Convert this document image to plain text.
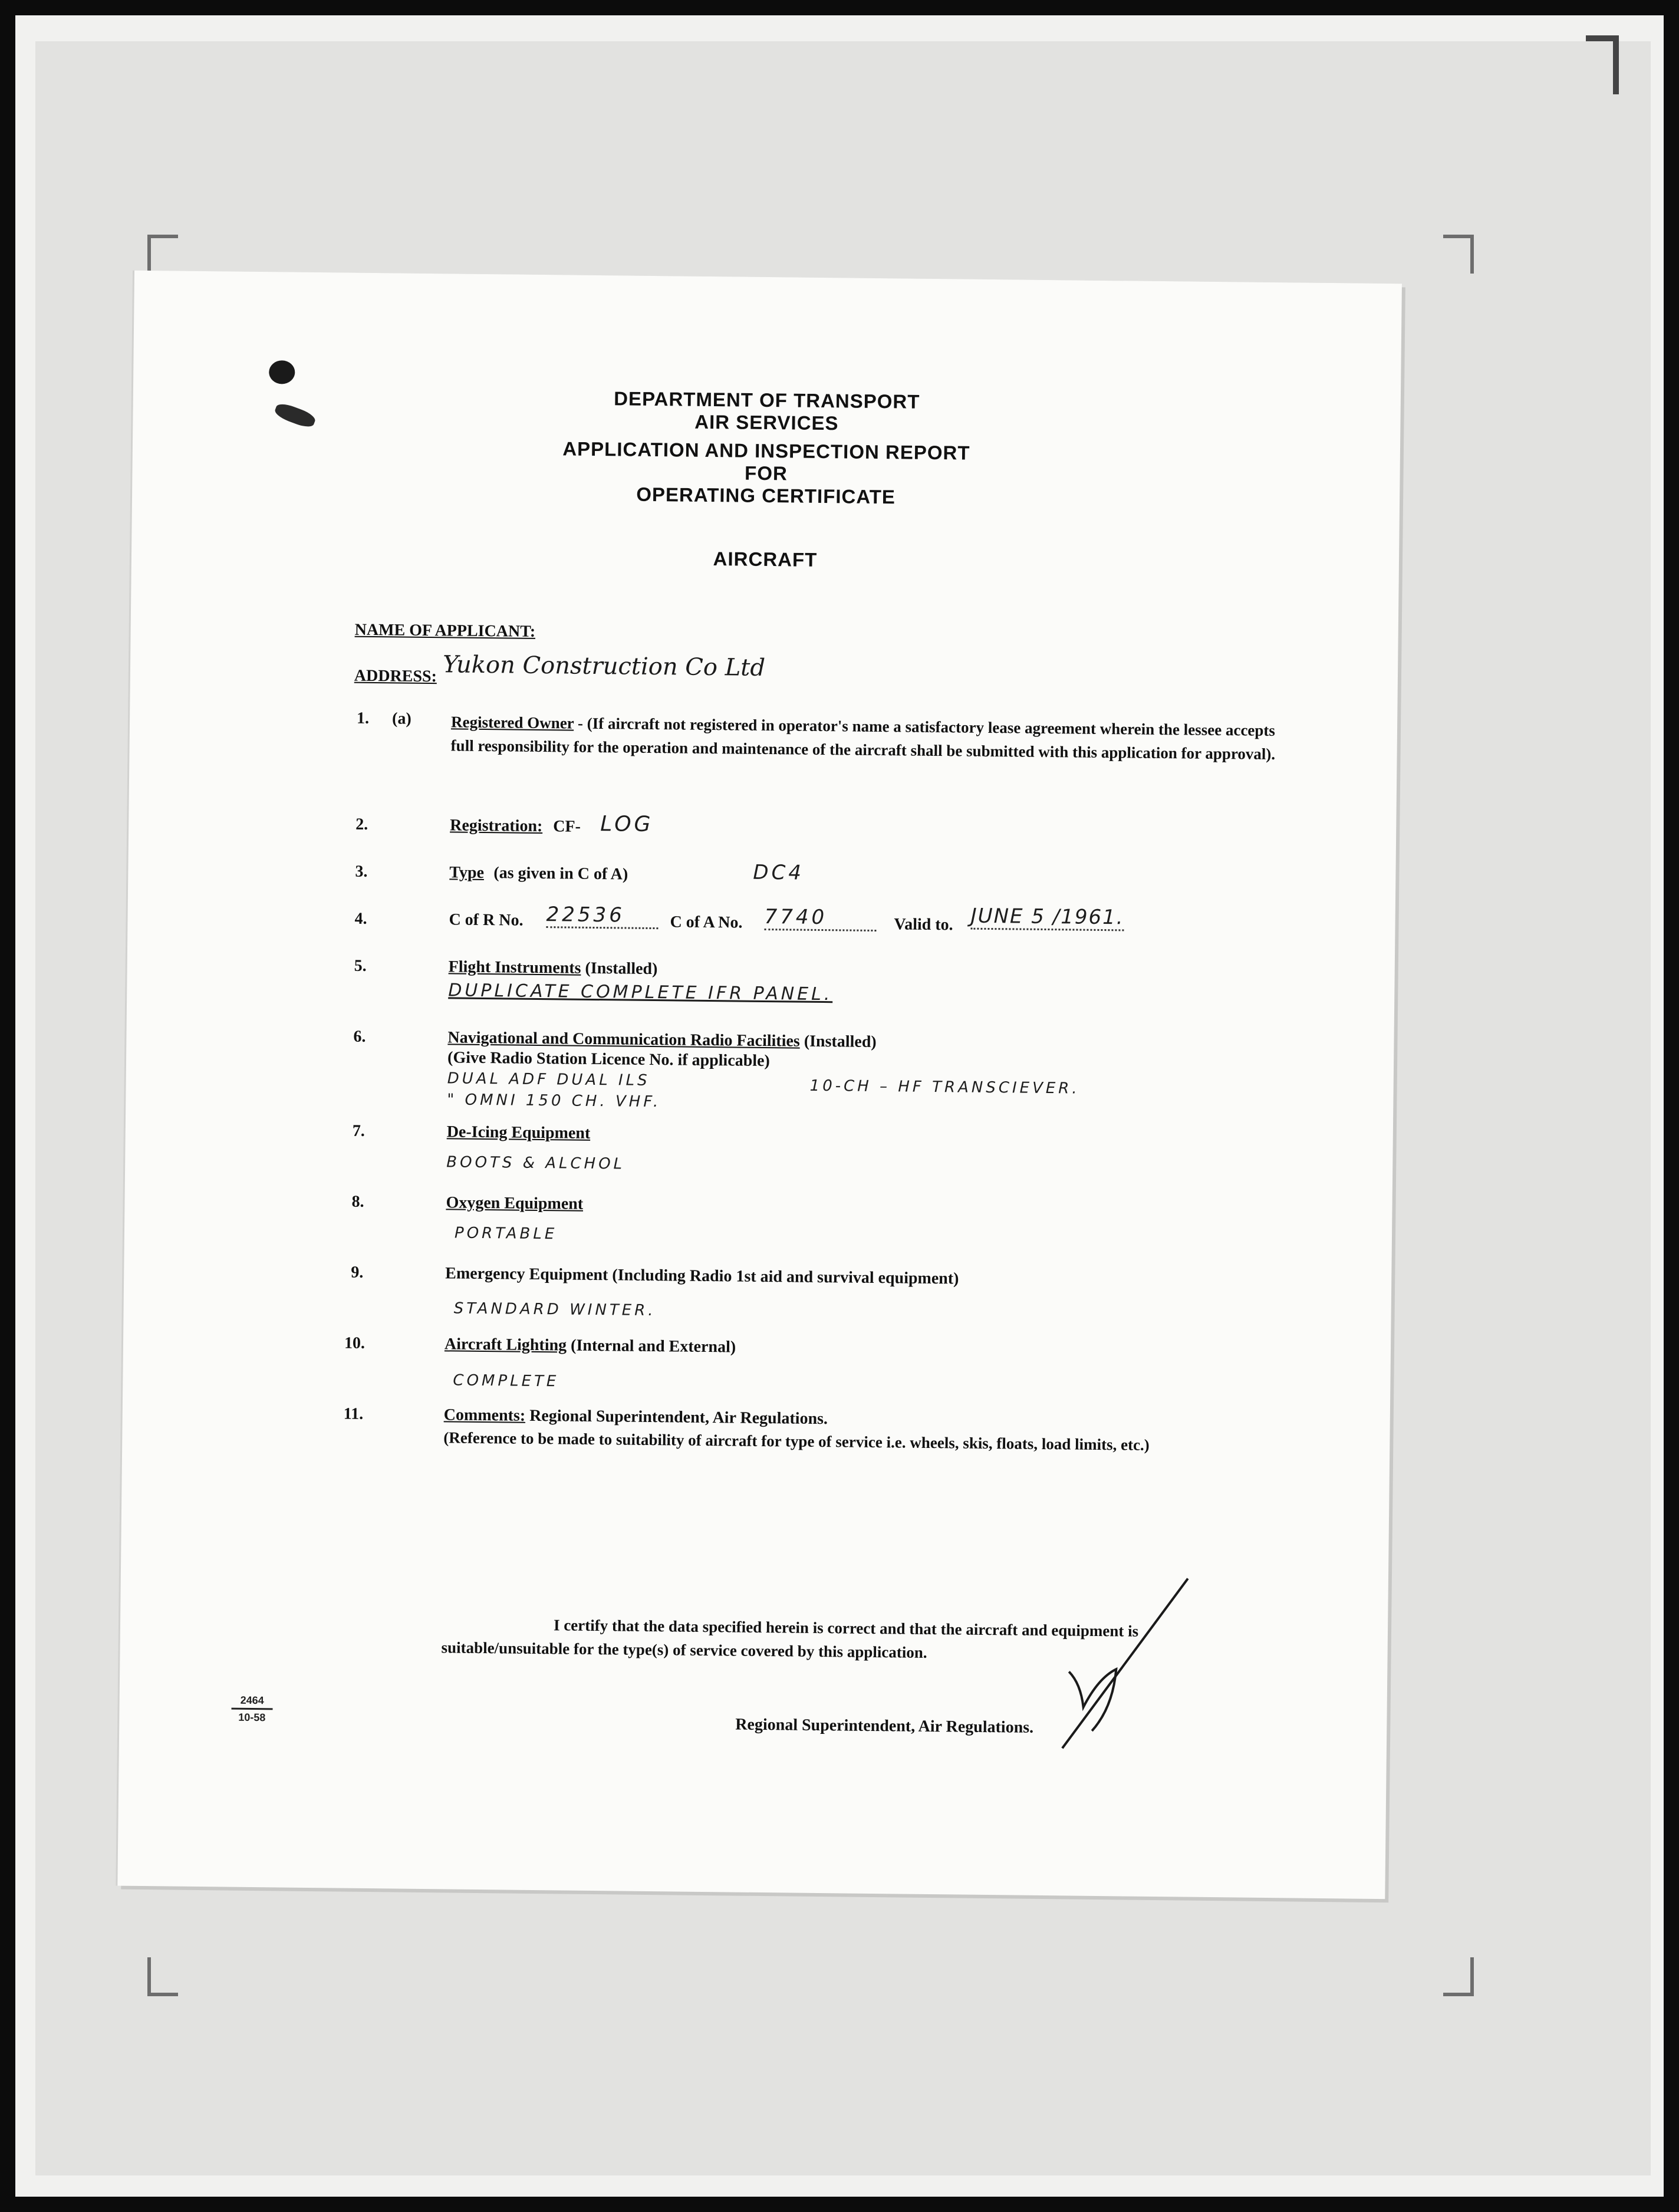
DEPARTMENT OF TRANSPORT
AIR SERVICES
APPLICATION AND INSPECTION REPORT
FOR
OPERATING CERTIFICATE
AIRCRAFT
NAME OF APPLICANT:
ADDRESS: Yukon Construction Co Ltd
1. (a) Registered Owner - (If aircraft not registered in operator's name a satisfactory lease agreement wherein the lessee accepts full responsibility for the operation and maintenance of the aircraft shall be submitted with this application for approval).
2.	Registration: CF- LOG
3.	Type (as given in C of A)	DC4
4.	C of R No. 22536	C of A No. 7740	Valid to. JUNE 5 /1961.
5.	Flight Instruments (Installed)
DUPLICATE COMPLETE IFR PANEL.
6.	Navigational and Communication Radio Facilities (Installed)
(Give Radio Station Licence No. if applicable)
DUAL ADF DUAL ILS	10-CH – HF TRANSCIEVER.
" OMNI 150 CH. VHF.
7.	De-Icing Equipment
BOOTS & ALCHOL
8.	Oxygen Equipment
PORTABLE
9.	Emergency Equipment (Including Radio 1st aid and survival equipment)
STANDARD WINTER.
10.	Aircraft Lighting (Internal and External)
COMPLETE
11.	Comments: Regional Superintendent, Air Regulations.
(Reference to be made to suitability of aircraft for type of service i.e. wheels, skis, floats, load limits, etc.)
I certify that the data specified herein is correct and that the aircraft and equipment is suitable/unsuitable for the type(s) of service covered by this application.
Regional Superintendent, Air Regulations.
2464
10-58
